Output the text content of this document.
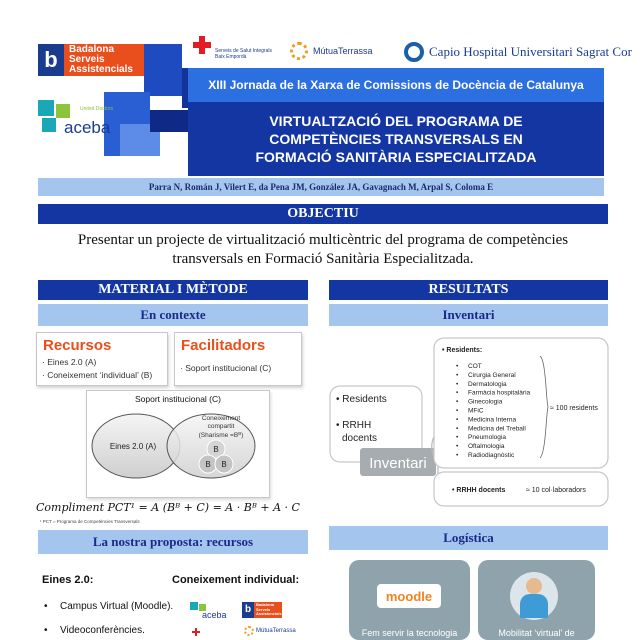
b	Badalona
Serveis
Assistencials
Serveis de Salut Integrals
Baix Empordà
MútuaTerrassa	Capio Hospital Universitari Sagrat Cor
XIII Jornada de la Xarxa de Comissions de Docència de Catalunya
United Doctors
aceba	VIRTUALTZACIÓ DEL PROGRAMA DE
COMPETÈNCIES TRANSVERSALS EN
FORMACIÓ SANITÀRIA ESPECIALITZADA
Parra N, Román J, Vilert E, da Pena JM, González JA, Gavagnach M, Arpal S, Coloma E
OBJECTIU
Presentar un projecte de virtualització multicèntric del programa de competències
transversals en Formació Sanitària Especialitzada.
MATERIAL I MÈTODE
En contexte
Recursos
· Eines 2.0 (A)
· Coneixement ‘individual’ (B)
Facilitadors
· Soport institucional (C)
Soport institucional (C)
Eines 2.0 (A)
Coneixement
compartit
(Sharisme $=B^B$)
B
B B
Compliment PCT¹ = A (Bᴮ + C) = A · Bᴮ + A · C
¹ PCT = Programa de Competències Transversals
RESULTATS
Inventari
• Residents
• RRHH
docents
Inventari
• Residents:
≈ 100 residents
• COT
• Cirurgia General
• Dermatologia
• Farmàcia hospitalària
• Ginecologia
• MFiC
• Medicina Interna
• Medicina del Treball
• Pneumologia
• Oftalmologia
• Radiodiagnòstic
• RRHH docents	≈ 10 col·laboradors
La nostra proposta: recursos
Eines 2.0:
• Campus Virtual (Moodle).
• Videoconferències.
Coneixement individual:
aceba b	Badalona Serveis Assistencials
MútuaTerrassa
Logística
moodle
Fem servir la tecnologia	Mobilitat ‘virtual’ de
